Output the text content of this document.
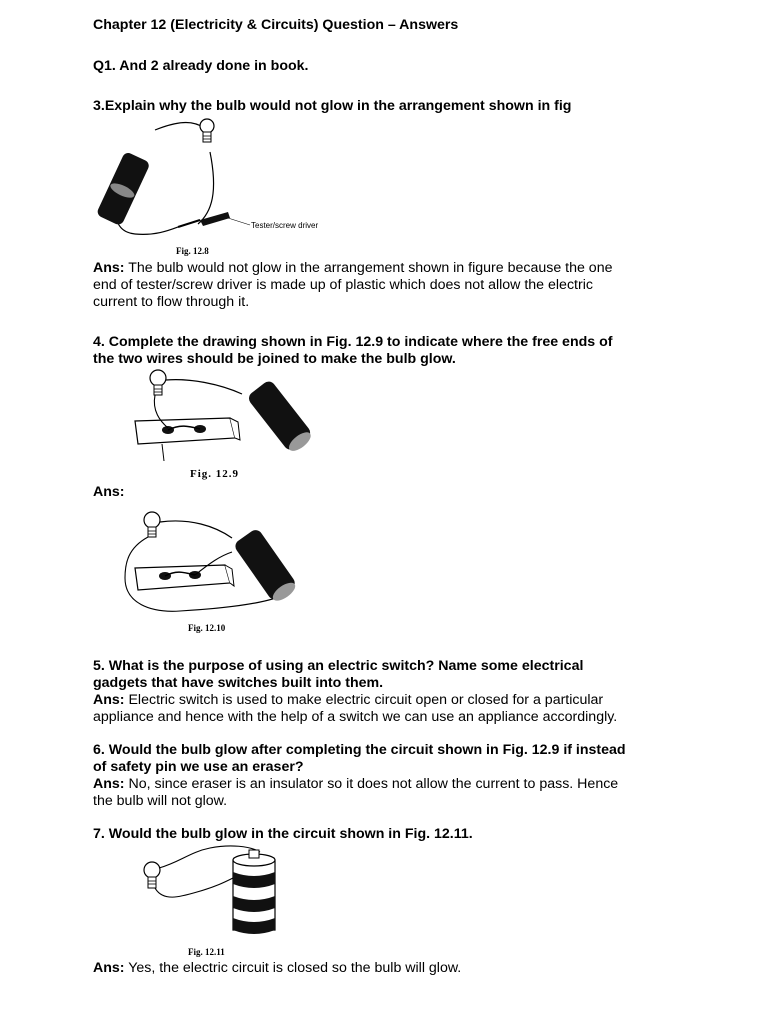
Chapter 12 (Electricity & Circuits) Question – Answers
Q1. And 2 already done in book.
3.Explain why the bulb would not glow in the arrangement shown in fig
Tester/screw driver
Fig. 12.8
Ans: The bulb would not glow in the arrangement shown in figure because the one
end of tester/screw driver is made up of plastic which does not allow the electric
current to flow through it.
4. Complete the drawing shown in Fig. 12.9 to indicate where the free ends of
the two wires should be joined to make the bulb glow.
Fig. 12.9
Ans:
Fig. 12.10
5. What is the purpose of using an electric switch? Name some electrical
gadgets that have switches built into them.
Ans: Electric switch is used to make electric circuit open or closed for a particular
appliance and hence with the help of a switch we can use an appliance accordingly.
6. Would the bulb glow after completing the circuit shown in Fig. 12.9 if instead
of safety pin we use an eraser?
Ans: No, since eraser is an insulator so it does not allow the current to pass. Hence
the bulb will not glow.
7. Would the bulb glow in the circuit shown in Fig. 12.11.
Fig. 12.11
Ans: Yes, the electric circuit is closed so the bulb will glow.
